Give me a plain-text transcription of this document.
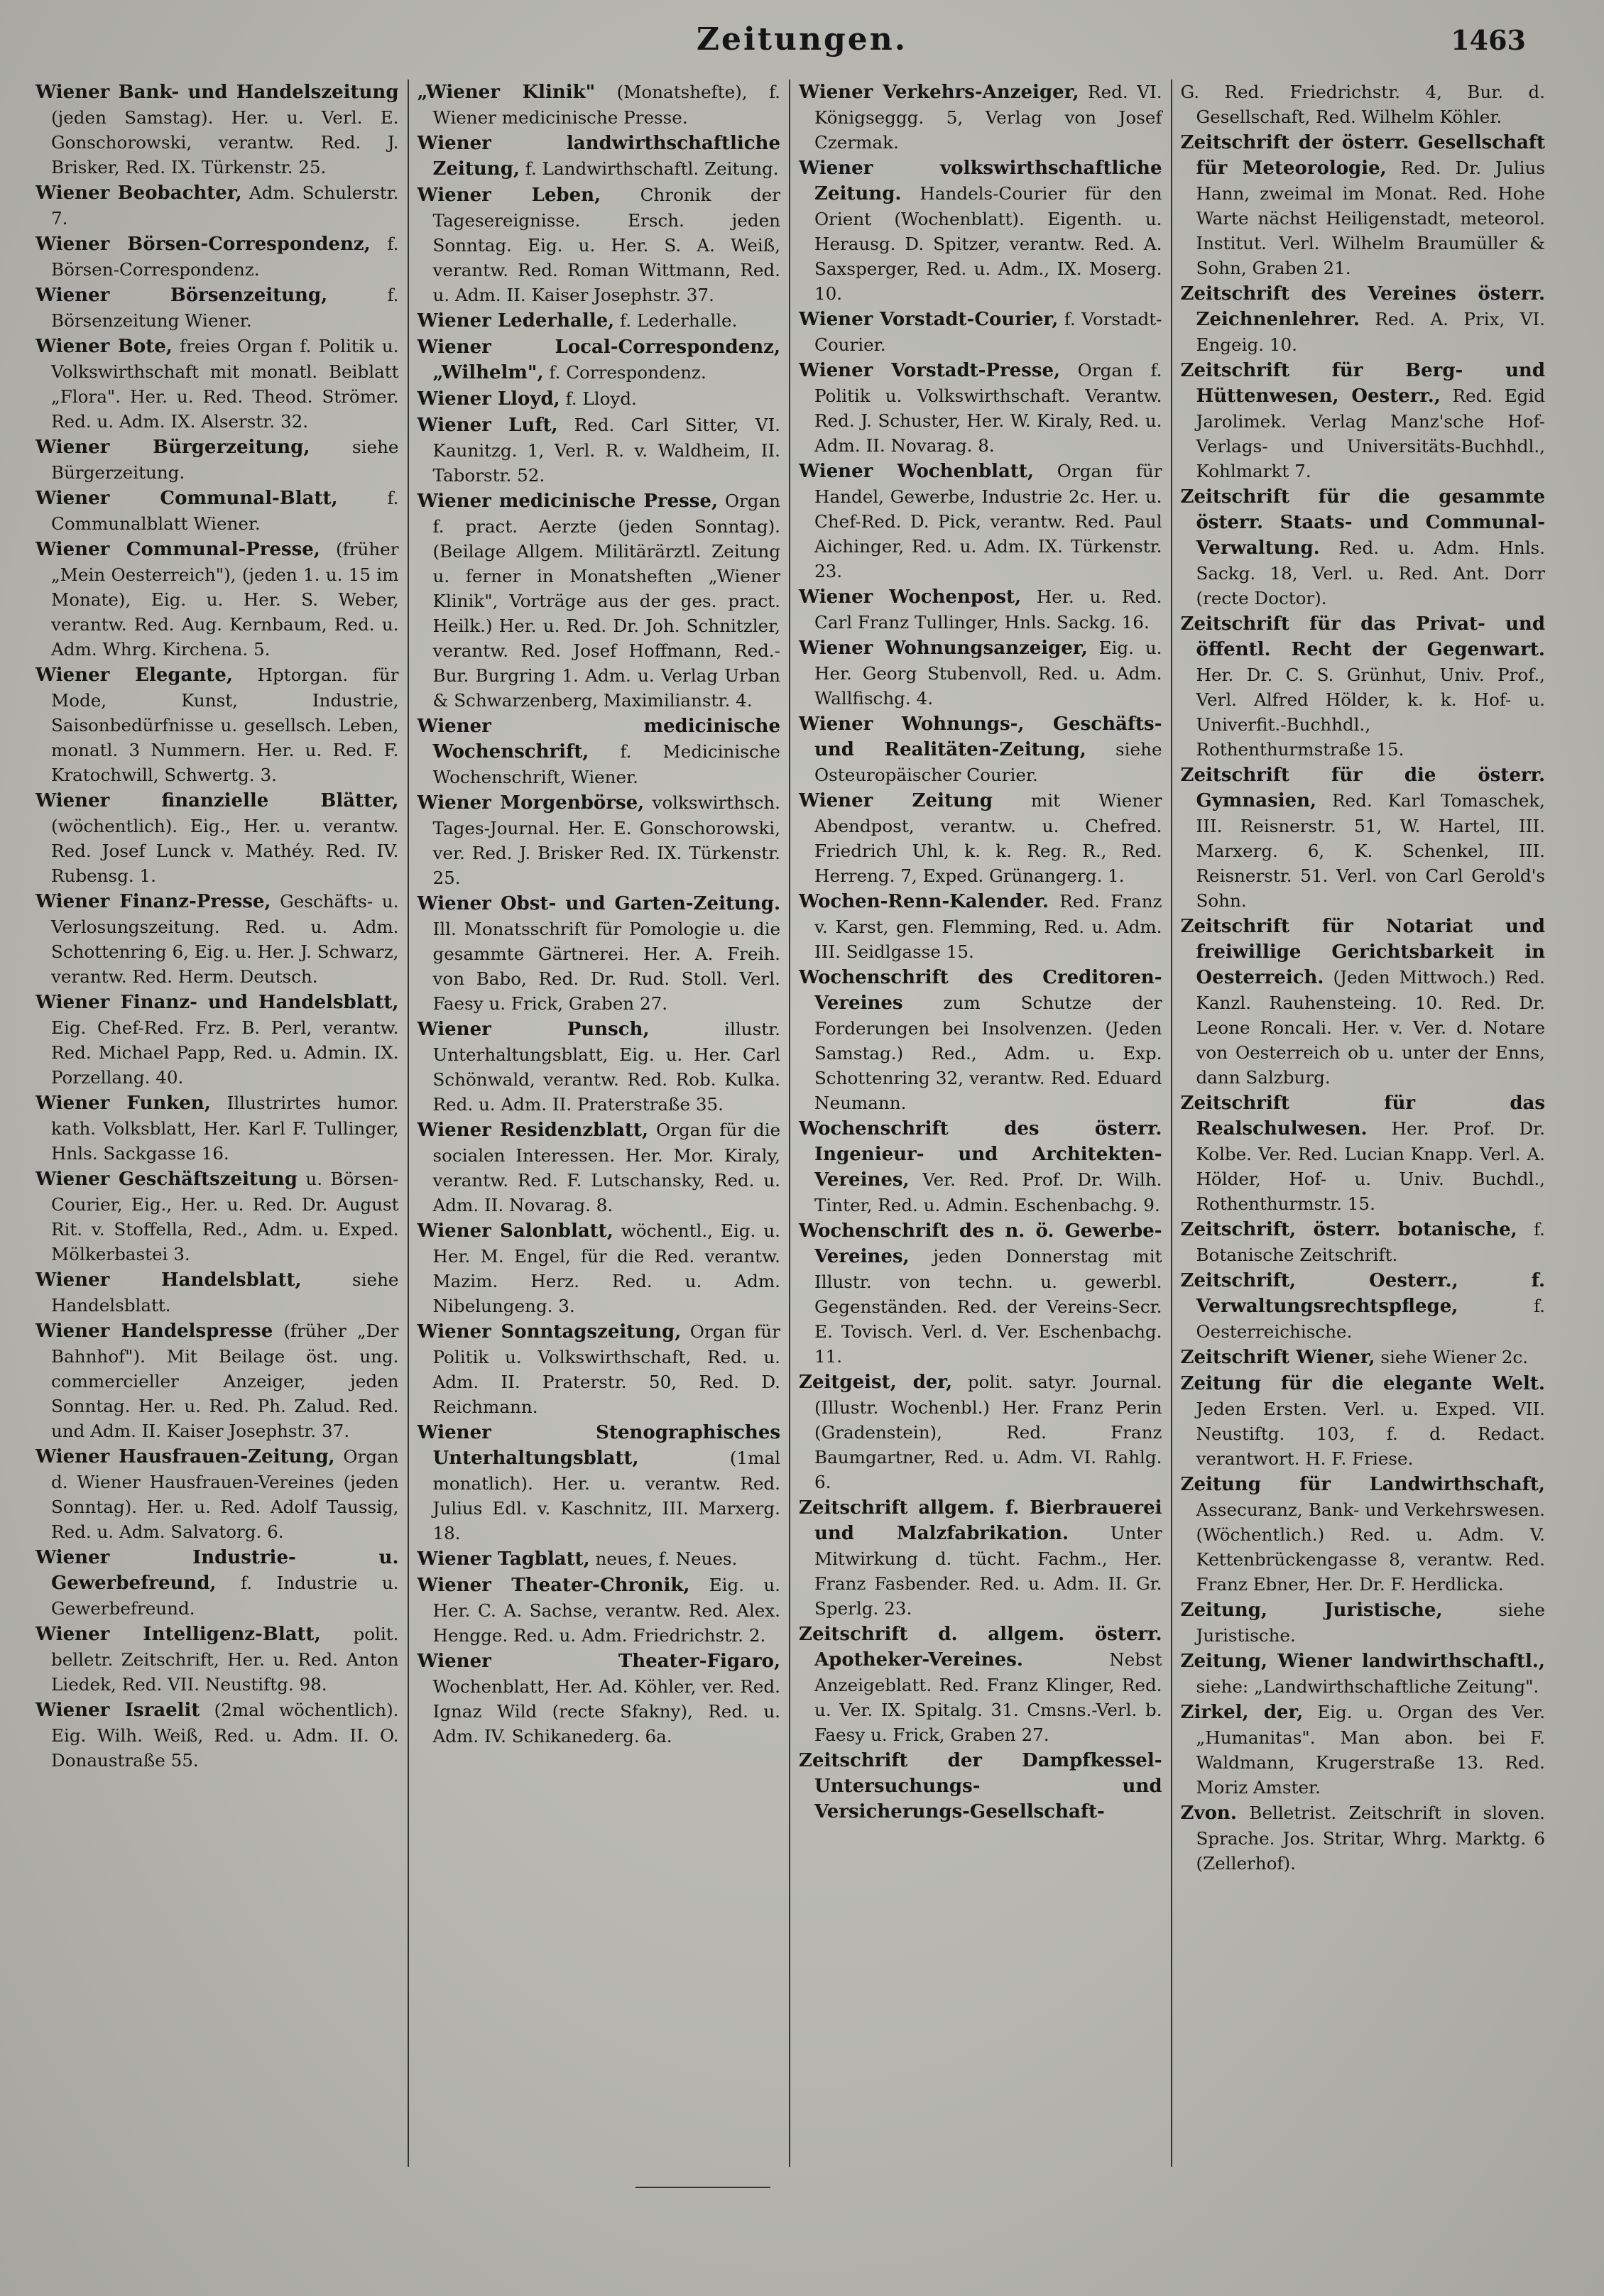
Zeitungen.	1463

Wiener Bank- und Handelszeitung (jeden Samstag). Her. u. Verl. E. Gonschorowski, verantw. Red. J. Brisker, Red. IX. Türkenstr. 25.

Wiener Beobachter, Adm. Schulerstr. 7.

Wiener Börsen-Correspondenz, f. Börsen-Correspondenz.

Wiener Börsenzeitung, f. Börsenzeitung Wiener.

Wiener Bote, freies Organ f. Politik u. Volkswirthschaft mit monatl. Beiblatt „Flora". Her. u. Red. Theod. Strömer. Red. u. Adm. IX. Alserstr. 32.

Wiener Bürgerzeitung, siehe Bürgerzeitung.

Wiener Communal-Blatt, f. Communalblatt Wiener.

Wiener Communal-Presse, (früher „Mein Oesterreich"), (jeden 1. u. 15 im Monate), Eig. u. Her. S. Weber, verantw. Red. Aug. Kernbaum, Red. u. Adm. Whrg. Kirchena. 5.

Wiener Elegante, Hptorgan. für Mode, Kunst, Industrie, Saisonbedürfnisse u. gesellsch. Leben, monatl. 3 Nummern. Her. u. Red. F. Kratochwill, Schwertg. 3.

Wiener finanzielle Blätter, (wöchentlich). Eig., Her. u. verantw. Red. Josef Lunck v. Mathéy. Red. IV. Rubensg. 1.

Wiener Finanz-Presse, Geschäfts- u. Verlosungszeitung. Red. u. Adm. Schottenring 6, Eig. u. Her. J. Schwarz, verantw. Red. Herm. Deutsch.

Wiener Finanz- und Handelsblatt, Eig. Chef-Red. Frz. B. Perl, verantw. Red. Michael Papp, Red. u. Admin. IX. Porzellang. 40.

Wiener Funken, Illustrirtes humor. kath. Volksblatt, Her. Karl F. Tullinger, Hnls. Sackgasse 16.

Wiener Geschäftszeitung u. Börsen-Courier, Eig., Her. u. Red. Dr. August Rit. v. Stoffella, Red., Adm. u. Exped. Mölkerbastei 3.

Wiener Handelsblatt, siehe Handelsblatt.

Wiener Handelspresse (früher „Der Bahnhof"). Mit Beilage öst. ung. commercieller Anzeiger, jeden Sonntag. Her. u. Red. Ph. Zalud. Red. und Adm. II. Kaiser Josephstr. 37.

Wiener Hausfrauen-Zeitung, Organ d. Wiener Hausfrauen-Vereines (jeden Sonntag). Her. u. Red. Adolf Taussig, Red. u. Adm. Salvatorg. 6.

Wiener Industrie- u. Gewerbefreund, f. Industrie u. Gewerbefreund.

Wiener Intelligenz-Blatt, polit. belletr. Zeitschrift, Her. u. Red. Anton Liedek, Red. VII. Neustiftg. 98.

Wiener Israelit (2mal wöchentlich). Eig. Wilh. Weiß, Red. u. Adm. II. O. Donaustraße 55.

„Wiener Klinik" (Monatshefte), f. Wiener medicinische Presse.

Wiener landwirthschaftliche Zeitung, f. Landwirthschaftl. Zeitung.

Wiener Leben, Chronik der Tagesereignisse. Ersch. jeden Sonntag. Eig. u. Her. S. A. Weiß, verantw. Red. Roman Wittmann, Red. u. Adm. II. Kaiser Josephstr. 37.

Wiener Lederhalle, f. Lederhalle.

Wiener Local-Correspondenz, „Wilhelm", f. Correspondenz.

Wiener Lloyd, f. Lloyd.

Wiener Luft, Red. Carl Sitter, VI. Kaunitzg. 1, Verl. R. v. Waldheim, II. Taborstr. 52.

Wiener medicinische Presse, Organ f. pract. Aerzte (jeden Sonntag). (Beilage Allgem. Militärärztl. Zeitung u. ferner in Monatsheften „Wiener Klinik", Vorträge aus der ges. pract. Heilk.) Her. u. Red. Dr. Joh. Schnitzler, verantw. Red. Josef Hoffmann, Red.-Bur. Burgring 1. Adm. u. Verlag Urban & Schwarzenberg, Maximilianstr. 4.

Wiener medicinische Wochenschrift, f. Medicinische Wochenschrift, Wiener.

Wiener Morgenbörse, volkswirthsch. Tages-Journal. Her. E. Gonschorowski, ver. Red. J. Brisker Red. IX. Türkenstr. 25.

Wiener Obst- und Garten-Zeitung. Ill. Monatsschrift für Pomologie u. die gesammte Gärtnerei. Her. A. Freih. von Babo, Red. Dr. Rud. Stoll. Verl. Faesy u. Frick, Graben 27.

Wiener Punsch, illustr. Unterhaltungsblatt, Eig. u. Her. Carl Schönwald, verantw. Red. Rob. Kulka. Red. u. Adm. II. Praterstraße 35.

Wiener Residenzblatt, Organ für die socialen Interessen. Her. Mor. Kiraly, verantw. Red. F. Lutschansky, Red. u. Adm. II. Novarag. 8.

Wiener Salonblatt, wöchentl., Eig. u. Her. M. Engel, für die Red. verantw. Mazim. Herz. Red. u. Adm. Nibelungeng. 3.

Wiener Sonntagszeitung, Organ für Politik u. Volkswirthschaft, Red. u. Adm. II. Praterstr. 50, Red. D. Reichmann.

Wiener Stenographisches Unterhaltungsblatt, (1mal monatlich). Her. u. verantw. Red. Julius Edl. v. Kaschnitz, III. Marxerg. 18.

Wiener Tagblatt, neues, f. Neues.

Wiener Theater-Chronik, Eig. u. Her. C. A. Sachse, verantw. Red. Alex. Hengge. Red. u. Adm. Friedrichstr. 2.

Wiener Theater-Figaro, Wochenblatt, Her. Ad. Köhler, ver. Red. Ignaz Wild (recte Sfakny), Red. u. Adm. IV. Schikanederg. 6a.

Wiener Verkehrs-Anzeiger, Red. VI. Königseggg. 5, Verlag von Josef Czermak.

Wiener volkswirthschaftliche Zeitung. Handels-Courier für den Orient (Wochenblatt). Eigenth. u. Herausg. D. Spitzer, verantw. Red. A. Saxsperger, Red. u. Adm., IX. Moserg. 10.

Wiener Vorstadt-Courier, f. Vorstadt-Courier.

Wiener Vorstadt-Presse, Organ f. Politik u. Volkswirthschaft. Verantw. Red. J. Schuster, Her. W. Kiraly, Red. u. Adm. II. Novarag. 8.

Wiener Wochenblatt, Organ für Handel, Gewerbe, Industrie 2c. Her. u. Chef-Red. D. Pick, verantw. Red. Paul Aichinger, Red. u. Adm. IX. Türkenstr. 23.

Wiener Wochenpost, Her. u. Red. Carl Franz Tullinger, Hnls. Sackg. 16.

Wiener Wohnungsanzeiger, Eig. u. Her. Georg Stubenvoll, Red. u. Adm. Wallfischg. 4.

Wiener Wohnungs-, Geschäfts- und Realitäten-Zeitung, siehe Osteuropäischer Courier.

Wiener Zeitung mit Wiener Abendpost, verantw. u. Chefred. Friedrich Uhl, k. k. Reg. R., Red. Herreng. 7, Exped. Grünangerg. 1.

Wochen-Renn-Kalender. Red. Franz v. Karst, gen. Flemming, Red. u. Adm. III. Seidlgasse 15.

Wochenschrift des Creditoren-Vereines zum Schutze der Forderungen bei Insolvenzen. (Jeden Samstag.) Red., Adm. u. Exp. Schottenring 32, verantw. Red. Eduard Neumann.

Wochenschrift des österr. Ingenieur- und Architekten-Vereines, Ver. Red. Prof. Dr. Wilh. Tinter, Red. u. Admin. Eschenbachg. 9.

Wochenschrift des n. ö. Gewerbe-Vereines, jeden Donnerstag mit Illustr. von techn. u. gewerbl. Gegenständen. Red. der Vereins-Secr. E. Tovisch. Verl. d. Ver. Eschenbachg. 11.

Zeitgeist, der, polit. satyr. Journal. (Illustr. Wochenbl.) Her. Franz Perin (Gradenstein), Red. Franz Baumgartner, Red. u. Adm. VI. Rahlg. 6.

Zeitschrift allgem. f. Bierbrauerei und Malzfabrikation. Unter Mitwirkung d. tücht. Fachm., Her. Franz Fasbender. Red. u. Adm. II. Gr. Sperlg. 23.

Zeitschrift d. allgem. österr. Apotheker-Vereines. Nebst Anzeigeblatt. Red. Franz Klinger, Red. u. Ver. IX. Spitalg. 31. Cmsns.-Verl. b. Faesy u. Frick, Graben 27.

Zeitschrift der Dampfkessel-Untersuchungs- und Versicherungs-Gesellschaft-

G. Red. Friedrichstr. 4, Bur. d. Gesellschaft, Red. Wilhelm Köhler.

Zeitschrift der österr. Gesellschaft für Meteorologie, Red. Dr. Julius Hann, zweimal im Monat. Red. Hohe Warte nächst Heiligenstadt, meteorol. Institut. Verl. Wilhelm Braumüller & Sohn, Graben 21.

Zeitschrift des Vereines österr. Zeichnenlehrer. Red. A. Prix, VI. Engeig. 10.

Zeitschrift für Berg- und Hüttenwesen, Oesterr., Red. Egid Jarolimek. Verlag Manz'sche Hof-Verlags- und Universitäts-Buchhdl., Kohlmarkt 7.

Zeitschrift für die gesammte österr. Staats- und Communal-Verwaltung. Red. u. Adm. Hnls. Sackg. 18, Verl. u. Red. Ant. Dorr (recte Doctor).

Zeitschrift für das Privat- und öffentl. Recht der Gegenwart. Her. Dr. C. S. Grünhut, Univ. Prof., Verl. Alfred Hölder, k. k. Hof- u. Univerfit.-Buchhdl., Rothenthurmstraße 15.

Zeitschrift für die österr. Gymnasien, Red. Karl Tomaschek, III. Reisnerstr. 51, W. Hartel, III. Marxerg. 6, K. Schenkel, III. Reisnerstr. 51. Verl. von Carl Gerold's Sohn.

Zeitschrift für Notariat und freiwillige Gerichtsbarkeit in Oesterreich. (Jeden Mittwoch.) Red. Kanzl. Rauhensteing. 10. Red. Dr. Leone Roncali. Her. v. Ver. d. Notare von Oesterreich ob u. unter der Enns, dann Salzburg.

Zeitschrift für das Realschulwesen. Her. Prof. Dr. Kolbe. Ver. Red. Lucian Knapp. Verl. A. Hölder, Hof- u. Univ. Buchdl., Rothenthurmstr. 15.

Zeitschrift, österr. botanische, f. Botanische Zeitschrift.

Zeitschrift, Oesterr., f. Verwaltungsrechtspflege, f. Oesterreichische.

Zeitschrift Wiener, siehe Wiener 2c.

Zeitung für die elegante Welt. Jeden Ersten. Verl. u. Exped. VII. Neustiftg. 103, f. d. Redact. verantwort. H. F. Friese.

Zeitung für Landwirthschaft, Assecuranz, Bank- und Verkehrswesen. (Wöchentlich.) Red. u. Adm. V. Kettenbrückengasse 8, verantw. Red. Franz Ebner, Her. Dr. F. Herdlicka.

Zeitung, Juristische, siehe Juristische.

Zeitung, Wiener landwirthschaftl., siehe: „Landwirthschaftliche Zeitung".

Zirkel, der, Eig. u. Organ des Ver. „Humanitas". Man abon. bei F. Waldmann, Krugerstraße 13. Red. Moriz Amster.

Zvon. Belletrist. Zeitschrift in sloven. Sprache. Jos. Stritar, Whrg. Marktg. 6 (Zellerhof).
